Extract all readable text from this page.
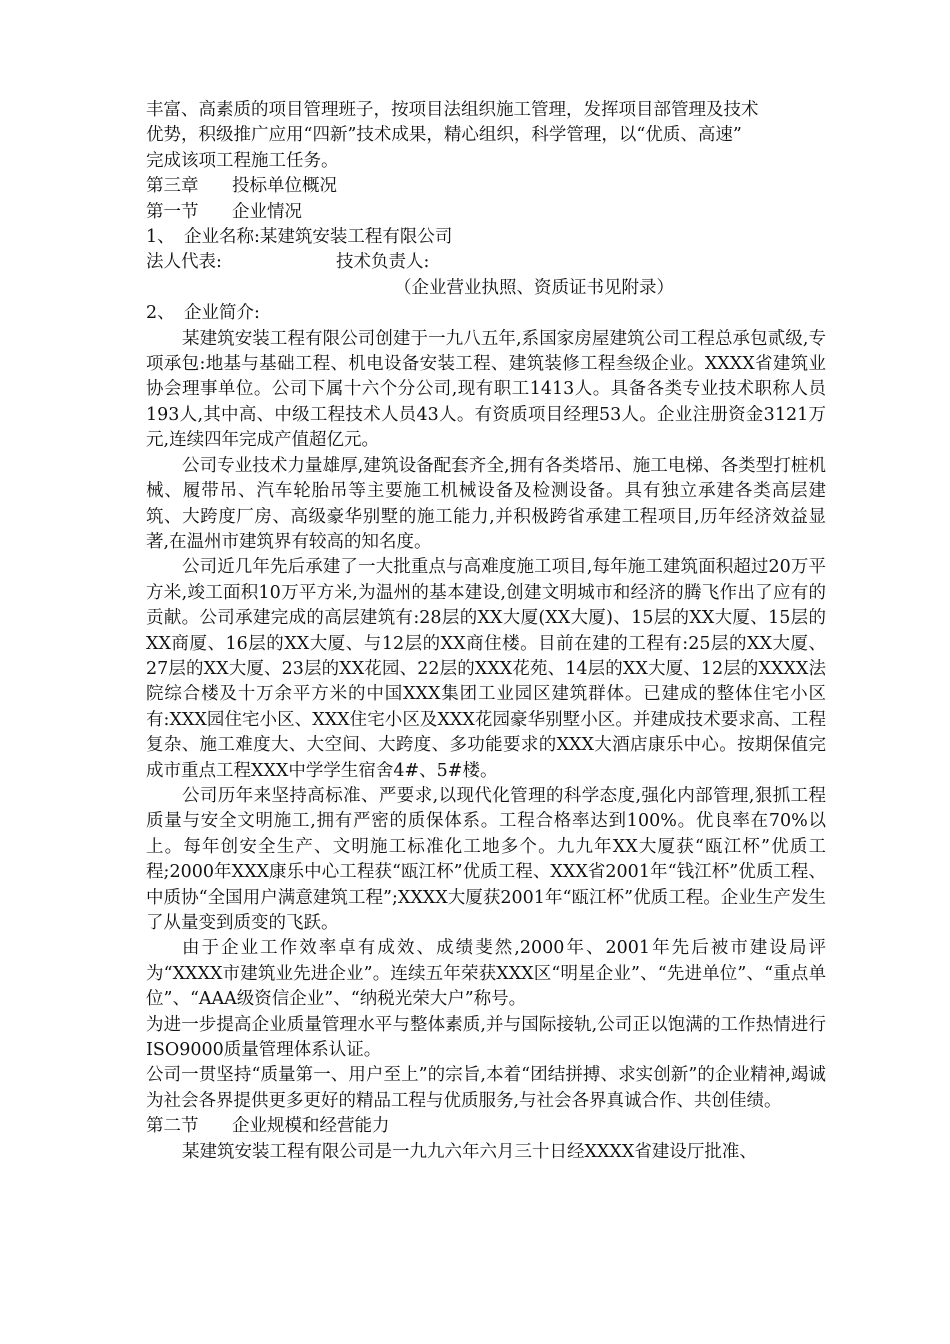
丰富、高素质的项目管理班子，按项目法组织施工管理，发挥项目部管理及技术
优势，积级推广应用“四新”技术成果，精心组织，科学管理，以“优质、高速”
完成该项工程施工任务。
第三章 投标单位概况
第一节 企业情况
1、 企业名称:某建筑安装工程有限公司
法人代表:	技术负责人:
（企业营业执照、资质证书见附录）
2、 企业简介:

某建筑安装工程有限公司创建于一九八五年,系国家房屋建筑公司工程总承包贰级,专项承包:地基与基础工程、机电设备安装工程、建筑装修工程叁级企业。XXXX省建筑业协会理事单位。公司下属十六个分公司,现有职工1413人。具备各类专业技术职称人员193人,其中高、中级工程技术人员43人。有资质项目经理53人。企业注册资金3121万元,连续四年完成产值超亿元。

公司专业技术力量雄厚,建筑设备配套齐全,拥有各类塔吊、施工电梯、各类型打桩机械、履带吊、汽车轮胎吊等主要施工机械设备及检测设备。具有独立承建各类高层建筑、大跨度厂房、高级豪华别墅的施工能力,并积极跨省承建工程项目,历年经济效益显著,在温州市建筑界有较高的知名度。

公司近几年先后承建了一大批重点与高难度施工项目,每年施工建筑面积超过20万平方米,竣工面积10万平方米,为温州的基本建设,创建文明城市和经济的腾飞作出了应有的贡献。公司承建完成的高层建筑有:28层的XX大厦(XX大厦)、15层的XX大厦、15层的XX商厦、16层的XX大厦、与12层的XX商住楼。目前在建的工程有:25层的XX大厦、27层的XX大厦、23层的XX花园、22层的XXX花苑、14层的XX大厦、12层的XXXX法院综合楼及十万余平方米的中国XXX集团工业园区建筑群体。已建成的整体住宅小区有:XXX园住宅小区、XXX住宅小区及XXX花园豪华别墅小区。并建成技术要求高、工程复杂、施工难度大、大空间、大跨度、多功能要求的XXX大酒店康乐中心。按期保值完成市重点工程XXX中学学生宿舍4#、5#楼。

公司历年来坚持高标准、严要求,以现代化管理的科学态度,强化内部管理,狠抓工程质量与安全文明施工,拥有严密的质保体系。工程合格率达到100%。优良率在70%以上。每年创安全生产、文明施工标准化工地多个。九九年XX大厦获“瓯江杯”优质工程;2000年XXX康乐中心工程获“瓯江杯”优质工程、XXX省2001年“钱江杯”优质工程、中质协“全国用户满意建筑工程”;XXXX大厦获2001年“瓯江杯”优质工程。企业生产发生了从量变到质变的飞跃。

由于企业工作效率卓有成效、成绩斐然,2000年、2001年先后被市建设局评为“XXXX市建筑业先进企业”。连续五年荣获XXX区“明星企业”、“先进单位”、“重点单位”、“AAA级资信企业”、“纳税光荣大户”称号。

为进一步提高企业质量管理水平与整体素质,并与国际接轨,公司正以饱满的工作热情进行ISO9000质量管理体系认证。

公司一贯坚持“质量第一、用户至上”的宗旨,本着“团结拼搏、求实创新”的企业精神,竭诚为社会各界提供更多更好的精品工程与优质服务,与社会各界真诚合作、共创佳绩。

第二节 企业规模和经营能力

某建筑安装工程有限公司是一九九六年六月三十日经XXXX省建设厅批准、
